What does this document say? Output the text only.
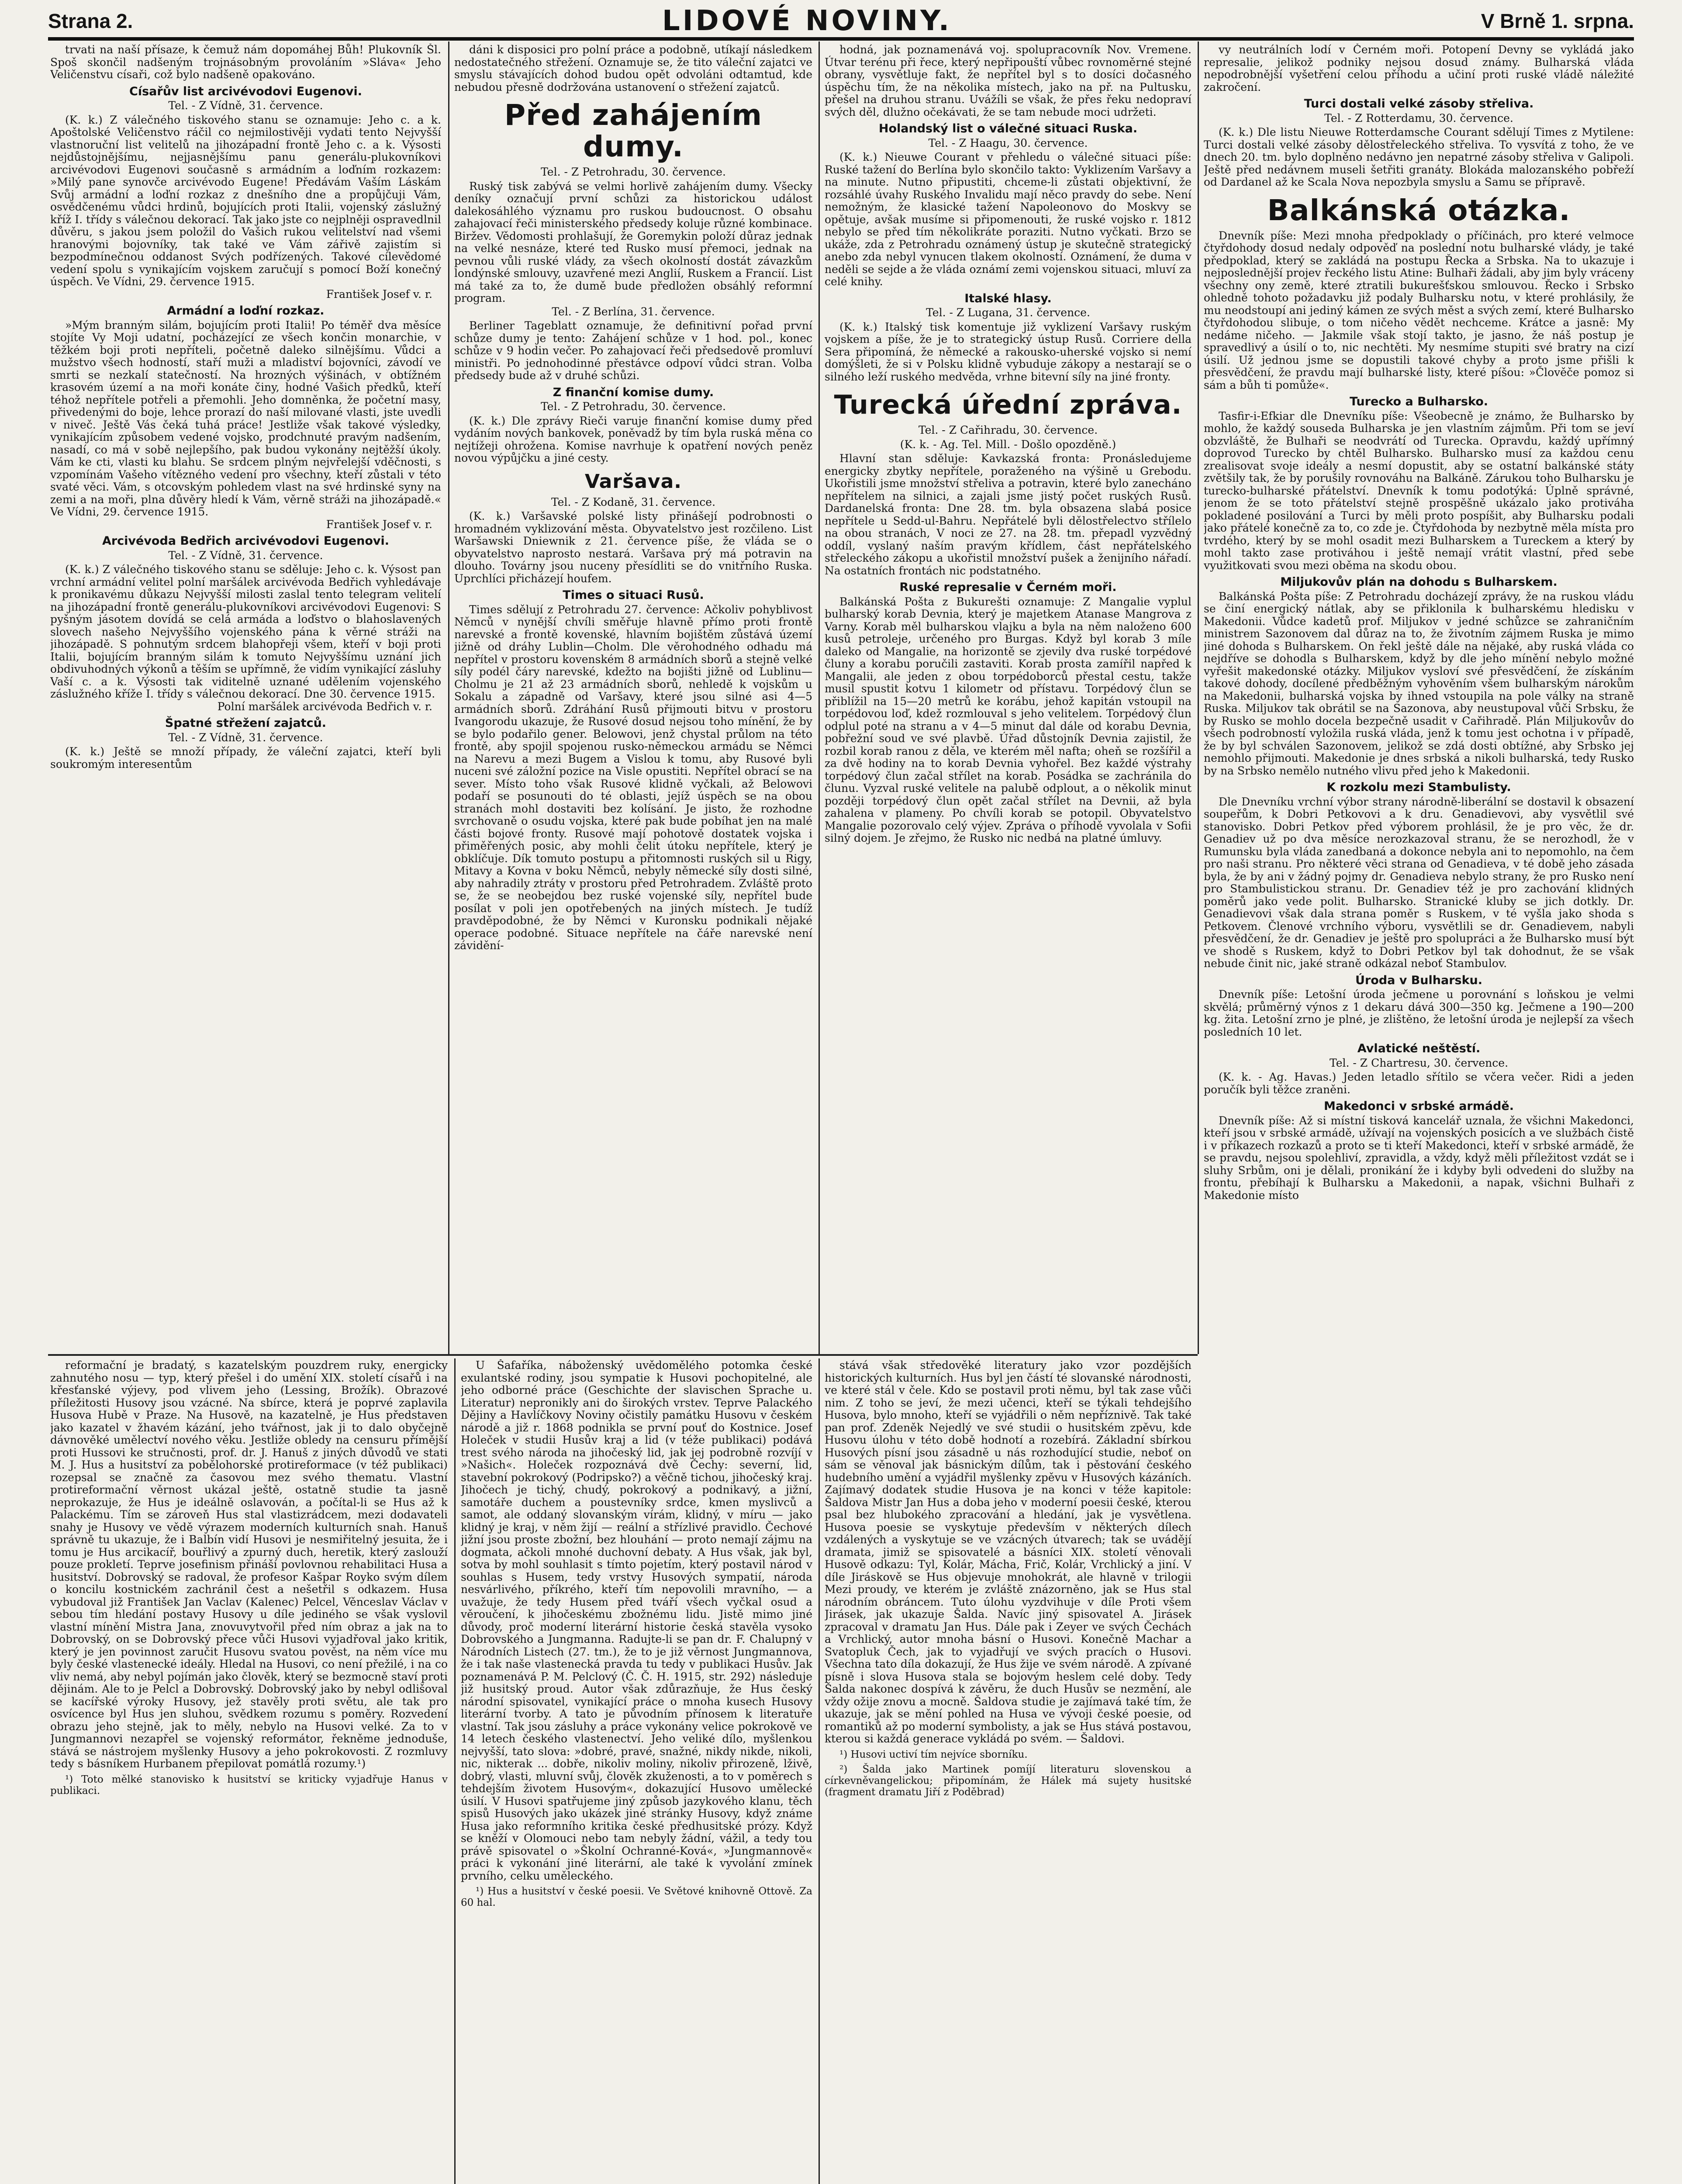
Strana 2.	LIDOVÉ NOVINY.	V Brně 1. srpna.

trvati na naší přísaze, k čemuž nám dopomáhej Bůh! Plukovník Šl. Spoš skončil nadšeným trojnásobným provoláním »Sláva« Jeho Veličenstvu císaři, což bylo nadšeně opakováno.

Císařův list arcivévodovi Eugenovi.
Tel. - Z Vídně, 31. července.

(K. k.) Z válečného tiskového stanu se oznamuje: Jeho c. a k. Apoštolské Veličenstvo ráčil co nejmilostivěji vydati tento Nejvyšší vlastnoruční list velitelů na jihozápadní frontě Jeho c. a k. Výsosti nejdůstojnějšímu, nejjasnějšímu panu generálu-plukovníkovi arcivévodovi Eugenovi současně s armádním a loďním rozkazem: »Milý pane synovče arcivévodo Eugene! Předávám Vaším Láskám Svůj armádní a loďní rozkaz z dnešního dne a propůjčuji Vám, osvědčenému vůdci hrdinů, bojujících proti Italii, vojenský záslužný kříž I. třídy s válečnou dekorací. Tak jako jste co nejplněji ospravedlnil důvěru, s jakou jsem položil do Vašich rukou velitelství nad všemi hranovými bojovníky, tak také ve Vám zářivě zajistím si bezpodmínečnou oddanost Svých podřízených. Takové cílevědomé vedení spolu s vynikajícím vojskem zaručují s pomocí Boží konečný úspěch. Ve Vídni, 29. července 1915.

František Josef v. r.
Armádní a loďní rozkaz.

»Mým branným silám, bojujícím proti Italii! Po téměř dva měsíce stojíte Vy Moji udatní, pocházející ze všech končin monarchie, v těžkém boji proti nepříteli, početně daleko silnějšímu. Vůdci a mužstvo všech hodností, staří muži a mladiství bojovníci, závodí ve smrti se nezkalí statečností. Na hrozných výšinách, v obtížném krasovém území a na moři konáte činy, hodné Vašich předků, kteří téhož nepřítele potřeli a přemohli. Jeho domněnka, že početní masy, přivedenými do boje, lehce prorazí do naší milované vlasti, jste uvedli v niveč. Ještě Vás čeká tuhá práce! Jestliže však takové výsledky, vynikajícím způsobem vedené vojsko, prodchnuté pravým nadšením, nasadí, co má v sobě nejlepšího, pak budou vykonány nejtěžší úkoly. Vám ke cti, vlasti ku blahu. Se srdcem plným nejvřelejší vděčnosti, s vzpomínám Vašeho vítězného vedení pro všechny, kteří zůstali v této svaté věci. Vám, s otcovským pohledem vlast na své hrdinské syny na zemi a na moři, plna důvěry hledí k Vám, věrně stráži na jihozápadě.« Ve Vídni, 29. července 1915.

František Josef v. r.
Arcivévoda Bedřich arcivévodovi Eugenovi.
Tel. - Z Vídně, 31. července.

(K. k.) Z válečného tiskového stanu se sděluje: Jeho c. k. Výsost pan vrchní armádní velitel polní maršálek arcivévoda Bedřich vyhledávaje k pronikavému důkazu Nejvyšší milosti zaslal tento telegram velitelí na jihozápadní frontě generálu-plukovníkovi arcivévodovi Eugenovi: S pyšným jásotem dovídá se celá armáda a loďstvo o blahoslavených slovech našeho Nejvyššího vojenského pána k věrné stráži na jihozápadě. S pohnutým srdcem blahopřeji všem, kteří v boji proti Italii, bojujícím branným silám k tomuto Nejvyššímu uznání jich obdivuhodných výkonů a těším se upřímně, že vidím vynikající zásluhy Vaší c. a k. Výsosti tak viditelně uznané udělením vojenského záslužného kříže I. třídy s válečnou dekorací. Dne 30. července 1915.

Polní maršálek arcivévoda Bedřich v. r.
Špatné střežení zajatců.
Tel. - Z Vídně, 31. července.

(K. k.) Ještě se množí případy, že váleční zajatci, kteří byli soukromým interesentům

dáni k disposici pro polní práce a podobně, utíkají následkem nedostatečného střežení. Oznamuje se, že tito váleční zajatci ve smyslu stávajících dohod budou opět odvoláni odtamtud, kde nebudou přesně dodržována ustanovení o střežení zajatců.

Před zahájením dumy.
Tel. - Z Petrohradu, 30. července.

Ruský tisk zabývá se velmi horlivě zahájením dumy. Všecky deníky označují první schůzi za historickou událost dalekosáhlého významu pro ruskou budoucnost. O obsahu zahajovací řeči ministerského předsedy koluje různé kombinace. Biržev. Vědomosti prohlašují, že Goremykin položí důraz jednak na velké nesnáze, které ted Rusko musí přemoci, jednak na pevnou vůli ruské vlády, za všech okolností dostát závazkům londýnské smlouvy, uzavřené mezi Anglií, Ruskem a Francií. List má také za to, že dumě bude předložen obsáhlý reformní program.

Tel. - Z Berlína, 31. července.

Berliner Tageblatt oznamuje, že definitivní pořad první schůze dumy je tento: Zahájení schůze v 1 hod. pol., konec schůze v 9 hodin večer. Po zahajovací řeči předsedově promluví ministři. Po jednohodinné přestávce odpoví vůdci stran. Volba předsedy bude až v druhé schůzi.

Z finanční komise dumy.
Tel. - Z Petrohradu, 30. července.

(K. k.) Dle zprávy Rieči varuje finanční komise dumy před vydáním nových bankovek, poněvadž by tím byla ruská měna co nejtížeji ohrožena. Komise navrhuje k opatření nových peněz novou výpůjčku a jiné cesty.

Varšava.
Tel. - Z Kodaně, 31. července.

(K. k.) Varšavské polské listy přinášejí podrobnosti o hromadném vyklizování města. Obyvatelstvo jest rozčileno. List Waršawski Dniewnik z 21. července píše, že vláda se o obyvatelstvo naprosto nestará. Varšava prý má potravin na dlouho. Továrny jsou nuceny přesídliti se do vnitřního Ruska. Uprchlíci přicházejí houfem.

Times o situaci Rusů.

Times sdělují z Petrohradu 27. července: Ačkoliv pohyblivost Němců v nynější chvíli směřuje hlavně přímo proti frontě narevské a frontě kovenské, hlavním bojištěm zůstává území jižně od dráhy Lublin—Cholm. Dle věrohodného odhadu má nepřítel v prostoru kovenském 8 armádních sborů a stejně velké síly podél čáry narevské, kdežto na bojišti jižně od Lublinu—Cholmu je 21 až 23 armádních sborů, nehledě k vojskům u Sokalu a západně od Varšavy, které jsou silné asi 4—5 armádních sborů. Zdráhání Rusů přijmouti bitvu v prostoru Ivangorodu ukazuje, že Rusové dosud nejsou toho mínění, že by se bylo podařilo gener. Belowovi, jenž chystal průlom na této frontě, aby spojil spojenou rusko-německou armádu se Němci na Narevu a mezi Bugem a Vislou k tomu, aby Rusové byli nuceni své záložní pozice na Visle opustiti. Nepřítel obrací se na sever. Místo toho však Rusové klidně vyčkali, až Belowovi podaří se posunouti do té oblasti, jejíž úspěch se na obou stranách mohl dostaviti bez kolísání. Je jisto, že rozhodne svrchovaně o osudu vojska, které pak bude pobíhat jen na malé části bojové fronty. Rusové mají pohotově dostatek vojska i přiměřených posic, aby mohli čelit útoku nepřítele, který je obklíčuje. Dík tomuto postupu a přitomnosti ruských sil u Rigy, Mitavy a Kovna v boku Němců, nebyly německé síly dosti silné, aby nahradily ztráty v prostoru před Petrohradem. Zvláště proto se, že se neobejdou bez ruské vojenské síly, nepřítel bude posílat v poli jen opotřebených na jiných místech. Je tudíž pravděpodobné, že by Němci v Kuronsku podnikali nějaké operace podobné. Situace nepřítele na čáře narevské není závidění-

hodná, jak poznamenává voj. spolupracovník Nov. Vremene. Útvar terénu při řece, který nepřipouští vůbec rovnoměrné stejné obrany, vysvětluje fakt, že nepřítel byl s to dosíci dočasného úspěchu tím, že na několika místech, jako na př. na Pultusku, přešel na druhou stranu. Uvážíli se však, že přes řeku nedopraví svých děl, dlužno očekávati, že se tam nebude moci udržeti.

Holandský list o válečné situaci Ruska.
Tel. - Z Haagu, 30. července.

(K. k.) Nieuwe Courant v přehledu o válečné situaci píše: Ruské tažení do Berlína bylo skončilo takto: Vyklizením Varšavy a na minute. Nutno připustiti, chceme-li zůstati objektivní, že rozsáhlé úvahy Ruského Invalidu mají něco pravdy do sebe. Není nemožným, že klasické tažení Napoleonovo do Moskvy se opětuje, avšak musíme si připomenouti, že ruské vojsko r. 1812 nebylo se před tím několikráte poraziti. Nutno vyčkati. Brzo se ukáže, zda z Petrohradu oznámený ústup je skutečně strategický anebo zda nebyl vynucen tlakem okolností. Oznámení, že duma v neděli se sejde a že vláda oznámí zemi vojenskou situaci, mluví za celé knihy.

Italské hlasy.
Tel. - Z Lugana, 31. července.

(K. k.) Italský tisk komentuje již vyklizení Varšavy ruským vojskem a píše, že je to strategický ústup Rusů. Corriere della Sera připomíná, že německé a rakousko-uherské vojsko si nemí domýšleti, že si v Polsku klidně vybuduje zákopy a nestarají se o silného leží ruského medvěda, vrhne bitevní síly na jiné fronty.

Turecká úřední zpráva.
Tel. - Z Cařihradu, 30. července.
(K. k. - Ag. Tel. Mill. - Došlo opozděně.)

Hlavní stan sděluje: Kavkazská fronta: Pronásledujeme energicky zbytky nepřítele, poraženého na výšině u Grebodu. Ukořistili jsme množství střeliva a potravin, které bylo zanecháno nepřítelem na silnici, a zajali jsme jistý počet ruských Rusů. Dardanelská fronta: Dne 28. tm. byla obsazena slabá posice nepřítele u Sedd-ul-Bahru. Nepřátelé byli dělostřelectvo střílelo na obou stranách, V noci ze 27. na 28. tm. přepadl vyzvědný oddíl, vyslaný naším pravým křídlem, část nepřátelského střeleckého zákopu a ukořistil množství pušek a ženijního nářadí. Na ostatních frontách nic podstatného.

Ruské represalie v Černém moři.

Balkánská Pošta z Bukurešti oznamuje: Z Mangalie vyplul bulharský korab Devnia, který je majetkem Atanase Mangrova z Varny. Korab měl bulharskou vlajku a byla na něm naloženo 600 kusů petroleje, určeného pro Burgas. Když byl korab 3 míle daleko od Mangalie, na horizontě se zjevily dva ruské torpédové čluny a korabu poručili zastaviti. Korab prosta zamířil napřed k Mangalii, ale jeden z obou torpédoborců přestal cestu, takže musil spustit kotvu 1 kilometr od přístavu. Torpédový člun se přiblížil na 15—20 metrů ke korábu, jehož kapitán vstoupil na torpédovou loď, kdež rozmlouval s jeho velitelem. Torpédový člun odplul poté na stranu a v 4—5 minut dal dále od korabu Devnia, pobřežní soud ve své plavbě. Úřad důstojník Devnia zajistil, že rozbil korab ranou z děla, ve kterém měl nafta; oheň se rozšířil a za dvě hodiny na to korab Devnia vyhořel. Bez každé výstrahy torpédový člun začal střílet na korab. Posádka se zachránila do člunu. Vyzval ruské velitele na palubě odplout, a o několik minut později torpédový člun opět začal střílet na Devnii, až byla zahalena v plameny. Po chvíli korab se potopil. Obyvatelstvo Mangalie pozorovalo celý výjev. Zpráva o příhodě vyvolala v Sofii silný dojem. Je zřejmo, že Rusko nic nedbá na platné úmluvy.

vy neutrálních lodí v Černém moři. Potopení Devny se vykládá jako represalie, jelikož podniky nejsou dosud známy. Bulharská vláda nepodrobnější vyšetření celou příhodu a učiní proti ruské vládě náležité zakročení.

Turci dostali velké zásoby střeliva.
Tel. - Z Rotterdamu, 30. července.

(K. k.) Dle listu Nieuwe Rotterdamsche Courant sdělují Times z Mytilene: Turci dostali velké zásoby dělostřeleckého střeliva. To vysvítá z toho, že ve dnech 20. tm. bylo doplněno nedávno jen nepatrné zásoby střeliva v Galipoli. Ještě před nedávnem museli šetřiti granáty. Blokáda malozanského pobřeží od Dardanel až ke Scala Nova nepozbyla smyslu a Samu se přípravě.

Balkánská otázka.

Dnevník píše: Mezi mnoha předpoklady o příčinách, pro které velmoce čtyřdohody dosud nedaly odpověď na poslední notu bulharské vlády, je také předpoklad, který se zakládá na postupu Řecka a Srbska. Na to ukazuje i nejposlednější projev řeckého listu Atine: Bulhaři žádali, aby jim byly vráceny všechny ony země, které ztratili bukurešťskou smlouvou. Řecko i Srbsko ohledně tohoto požadavku již podaly Bulharsku notu, v které prohlásily, že mu neodstoupí ani jediný kámen ze svých měst a svých zemí, které Bulharsko čtyřdohodou slibuje, o tom ničeho vědět nechceme. Krátce a jasně: My nedáme ničeho. — Jakmile však stojí takto, je jasno, že náš postup je spravedlivý a úsilí o to, nic nechtěti. My nesmíme stupiti své bratry na cizí úsilí. Už jednou jsme se dopustili takové chyby a proto jsme přišli k přesvědčení, že pravdu mají bulharské listy, které píšou: »Člověče pomoz si sám a bůh ti pomůže«.

Turecko a Bulharsko.

Tasfir-i-Efkiar dle Dnevníku píše: Všeobecně je známo, že Bulharsko by mohlo, že každý souseda Bulharska je jen vlastním zájmům. Při tom se jeví obzvláště, že Bulhaři se neodvrátí od Turecka. Opravdu, každý upřímný doprovod Turecko by chtěl Bulharsko. Bulharsko musí za každou cenu zrealisovat svoje ideály a nesmí dopustit, aby se ostatní balkánské státy zvětšily tak, že by porušily rovnováhu na Balkáně. Zárukou toho Bulharsku je turecko-bulharské přátelství. Dnevník k tomu podotýká: Úplně správné, jenom že se toto přátelství stejně prospěšně ukázalo jako protiváha pokladené posilování a Turci by měli proto pospíšit, aby Bulharsku podali jako přátelé konečně za to, co zde je. Čtyřdohoda by nezbytně měla místa pro tvrdého, který by se mohl osadit mezi Bulharskem a Tureckem a který by mohl takto zase protiváhou i ještě nemají vrátit vlastní, před sebe využitkovati svou mezi oběma na skodu obou.

Miljukovův plán na dohodu s Bulharskem.

Balkánská Pošta píše: Z Petrohradu docházejí zprávy, že na ruskou vládu se činí energický nátlak, aby se přiklonila k bulharskému hledisku v Makedonii. Vůdce kadetů prof. Miljukov v jedné schůzce se zahraničním ministrem Sazonovem dal důraz na to, že životním zájmem Ruska je mimo jiné dohoda s Bulharskem. On řekl ještě dále na nějaké, aby ruská vláda co nejdříve se dohodla s Bulharskem, když by dle jeho mínění nebylo možné vyřešit makedonské otázky. Miljukov vysloví své přesvědčení, že získáním takové dohody, docílené předběžným vyhověním všem bulharským nárokům na Makedonii, bulharská vojska by ihned vstoupila na pole války na straně Ruska. Miljukov tak obrátil se na Sazonova, aby neustupoval vůči Srbsku, že by Rusko se mohlo docela bezpečně usadit v Cařihradě. Plán Miljukovův do všech podrobností vyložila ruská vláda, jenž k tomu jest ochotna i v případě, že by byl schválen Sazonovem, jelikož se zdá dosti obtížné, aby Srbsko jej nemohlo přijmouti. Makedonie je dnes srbská a nikoli bulharská, tedy Rusko by na Srbsko nemělo nutného vlivu před jeho k Makedonii.

K rozkolu mezi Stambulisty.

Dle Dnevníku vrchní výbor strany národně-liberální se dostavil k obsazení soupeřům, k Dobri Petkovovi a k dru. Genadievovi, aby vysvětlil své stanovisko. Dobri Petkov před výborem prohlásil, že je pro věc, že dr. Genadiev už po dva měsíce nerozkazoval stranu, že se nerozhodl, že v Rumunsku byla vláda zanedbaná a dokonce nebyla ani to nepomohlo, na čem pro naši stranu. Pro některé věci strana od Genadieva, v té době jeho zásada byla, že by ani v žádný pojmy dr. Genadieva nebylo strany, že pro Rusko není pro Stambulistickou stranu. Dr. Genadiev též je pro zachování klidných poměrů jako vede polit. Bulharsko. Stranické kluby se jich dotkly. Dr. Genadievovi však dala strana poměr s Ruskem, v té vyšla jako shoda s Petkovem. Členové vrchního výboru, vysvětlili se dr. Genadievem, nabyli přesvědčení, že dr. Genadiev je ještě pro spolupráci a že Bulharsko musí být ve shodě s Ruskem, když to Dobri Petkov byl tak dohodnut, že se však nebude činit nic, jaké straně odkázal neboť Stambulov.

Úroda v Bulharsku.

Dnevník píše: Letošní úroda ječmene u porovnání s loňskou je velmi skvělá; průměrný výnos z 1 dekaru dává 300—350 kg. Ječmene a 190—200 kg. žita. Letošní zrno je plné, je zlištěno, že letošní úroda je nejlepší za všech posledních 10 let.

Avlatické neštěstí.
Tel. - Z Chartresu, 30. července.

(K. k. - Ag. Havas.) Jeden letadlo sřítilo se včera večer. Ridi a jeden poručík byli těžce zraněni.

Makedonci v srbské armádě.

Dnevník píše: Až si místní tisková kancelář uznala, že všichni Makedonci, kteří jsou v srbské armádě, užívají na vojenských posicích a ve službách čistě i v příkazech rozkazů a proto se ti kteří Makedonci, kteří v srbské armádě, že se pravdu, nejsou spolehliví, zpravidla, a vždy, když měli příležitost vzdát se i sluhy Srbům, oni je dělali, pronikání že i kdyby byli odvedeni do služby na frontu, přebíhají k Bulharsku a Makedonii, a napak, všichni Bulhaři z Makedonie místo

reformační je bradatý, s kazatelským pouzdrem ruky, energicky zahnutého nosu — typ, který přešel i do umění XIX. století císařů i na křesťanské výjevy, pod vlivem jeho (Lessing, Brožík). Obrazové příležitosti Husovy jsou vzácné. Na sbírce, která je poprvé zaplavila Husova Hubě v Praze. Na Husově, na kazatelně, je Hus představen jako kazatel v žhavém kázání, jeho tvářnost, jak ji to dalo obyčejně dávnověké umělectví nového věku. Jestliže obledy na censuru přímější proti Hussovi ke stručnosti, prof. dr. J. Hanuš z jiných důvodů ve stati M. J. Hus a husitství za pobělohorské protireformace (v též publikaci) rozepsal se značně za časovou mez svého thematu. Vlastní protireformační věrnost ukázal ještě, ostatně studie ta jasně neprokazuje, že Hus je ideálně oslavován, a počítal-li se Hus až k Palackému. Tím se zároveň Hus stal vlastizrádcem, mezi dodavateli snahy je Husovy ve vědě výrazem moderních kulturních snah. Hanuš správně tu ukazuje, že i Balbín vidí Husovi je nesmiřitelný jesuita, že i tomu je Hus arcikacíř, bouřlivý a zpurný duch, heretik, který zaslouží pouze prokletí. Teprve josefinism přináší povlovnou rehabilitaci Husa a husitství. Dobrovský se radoval, že profesor Kašpar Royko svým dílem o koncilu kostnickém zachránil čest a nešetřil s odkazem. Husa vybudoval již František Jan Vaclav (Kalenec) Pelcel, Věnceslav Václav v sebou tím hledání postavy Husovy u díle jediného se však vyslovil vlastní mínění Mistra Jana, znovuvytvořil před ním obraz a jak na to Dobrovský, on se Dobrovský přece vůči Husovi vyjadřoval jako kritik, který je jen povinnost zaručit Husovu svatou pověst, na něm více mu byly české vlastenecké ideály. Hledal na Husovi, co není přežilé, i na co vliv nemá, aby nebyl pojímán jako člověk, který se bezmocně staví proti dějinám. Ale to je Pelcl a Dobrovský. Dobrovský jako by nebyl odlišoval se kacířské výroky Husovy, jež stavěly proti světu, ale tak pro osvícence byl Hus jen sluhou, svědkem rozumu s poměry. Rozvedení obrazu jeho stejně, jak to měly, nebylo na Husovi velké. Za to v Jungmannovi nezapřel se vojenský reformátor, řekněme jednoduše, stává se nástrojem myšlenky Husovy a jeho pokrokovosti. Z rozmluvy tedy s básníkem Hurbanem přepilovat pomátlá rozumy.¹)

¹) Toto mělké stanovisko k husitství se kriticky vyjadřuje Hanus v publikaci.

U Šafaříka, náboženský uvědomělého potomka české exulantské rodiny, jsou sympatie k Husovi pochopitelné, ale jeho odborné práce (Geschichte der slavischen Sprache u. Literatur) nepronikly ani do širokých vrstev. Teprve Palackého Dějiny a Havlíčkovy Noviny očistily památku Husovu v českém národě a již r. 1868 podnikla se první pouť do Kostnice. Josef Holeček v studii Husův kraj a lid (v téže publikaci) podává trest svého národa na jihočeský lid, jak jej podrobně rozvíjí v »Našich«. Holeček rozpoznává dvě Čechy: severní, lid, stavební pokrokový (Podripsko?) a věčně tichou, jihočeský kraj. Jihočech je tichý, chudý, pokrokový a podnikavý, a jižní, samotáře duchem a poustevníky srdce, kmen myslivců a samot, ale oddaný slovanským vírám, klidný, v míru — jako klidný je kraj, v něm žijí — reální a střízlivé pravidlo. Čechové jižní jsou proste zbožní, bez hlouhání — proto nemají zájmu na dogmata, ačkoli mnohé duchovní debaty. A Hus však, jak byl, sotva by mohl souhlasit s tímto pojetím, který postavil národ v souhlas s Husem, tedy vrstvy Husových sympatií, národa nesvárlivého, příkrého, kteří tím nepovolili mravního, — a uvažuje, že tedy Husem před tváří všech vyčkal osud a věroučení, k jihočeskému zbožnému lidu. Jistě mimo jiné důvody, proč moderní literární historie česká stavěla vysoko Dobrovského a Jungmanna. Radujte-li se pan dr. F. Chalupný v Národních Listech (27. tm.), že to je již věrnost Jungmannova, že i tak naše vlastenecká pravda tu tedy v publikaci Husův. Jak poznamenává P. M. Pelclový (Č. Č. H. 1915, str. 292) následuje již husitský proud. Autor však zdůrazňuje, že Hus český národní spisovatel, vynikající práce o mnoha kusech Husovy literární tvorby. A tato je původním přínosem k literatuře vlastní. Tak jsou zásluhy a práce vykonány velice pokrokově ve 14 letech českého vlastenectví. Jeho veliké dílo, myšlenkou nejvyšší, tato slova: »dobré, pravé, snažné, nikdy nikde, nikoli, nic, nikterak ... dobře, nikoliv moliny, nikoliv přirozeně, lživě, dobrý, vlasti, mluvní svůj, člověk zkuženosti, a to v poměrech s tehdejším životem Husovým«, dokazující Husovo umělecké úsilí. V Husovi spatřujeme jiný způsob jazykového klanu, těch spisů Husových jako ukázek jiné stránky Husovy, když známe Husa jako reformního kritika české předhusitské prózy. Když se kněží v Olomouci nebo tam nebyly žádní, vážil, a tedy tou právě spisovatel o »Školní Ochranné-Ková«, »Jungmannově« práci k vykonání jiné literární, ale také k vyvolání zmínek prvního, celku uměleckého.

¹) Hus a husitství v české poesii. Ve Světové knihovně Ottově. Za 60 hal.

stává však středověké literatury jako vzor pozdějších historických kulturních. Hus byl jen částí té slovanské národnosti, ve které stál v čele. Kdo se postavil proti němu, byl tak zase vůči nim. Z toho se jeví, že mezi učenci, kteří se týkali tehdejšího Husova, bylo mnoho, kteří se vyjádřili o něm nepříznivě. Tak také pan prof. Zdeněk Nejedlý ve své studii o husitském zpěvu, kde Husovu úlohu v této době hodnotí a rozebírá. Základní sbírkou Husových písní jsou zásadně u nás rozhodující studie, neboť on sám se věnoval jak básnickým dílům, tak i pěstování českého hudebního umění a vyjádřil myšlenky zpěvu v Husových kázáních. Zajímavý dodatek studie Husova je na konci v téže kapitole: Šaldova Mistr Jan Hus a doba jeho v moderní poesii české, kterou psal bez hlubokého zpracování a hledání, jak je vysvětlena. Husova poesie se vyskytuje především v některých dílech vzdálených a vyskytuje se ve vzácných útvarech; tak se uvádějí dramata, jimiž se spisovatelé a básníci XIX. století věnovali Husově odkazu: Tyl, Kolár, Mácha, Frič, Kolár, Vrchlický a jiní. V díle Jiráskově se Hus objevuje mnohokrát, ale hlavně v trilogii Mezi proudy, ve kterém je zvláště znázorněno, jak se Hus stal národním obráncem. Tuto úlohu vyzdvihuje v díle Proti všem Jirásek, jak ukazuje Šalda. Navíc jiný spisovatel A. Jirásek zpracoval v dramatu Jan Hus. Dále pak i Zeyer ve svých Čechách a Vrchlický, autor mnoha básní o Husovi. Konečně Machar a Svatopluk Čech, jak to vyjadřují ve svých pracích o Husovi. Všechna tato díla dokazují, že Hus žije ve svém národě. A zpívané písně i slova Husova stala se bojovým heslem celé doby. Tedy Šalda nakonec dospívá k závěru, že duch Husův se nezmění, ale vždy ožije znovu a mocně. Šaldova studie je zajímavá také tím, že ukazuje, jak se mění pohled na Husa ve vývoji české poesie, od romantiků až po moderní symbolisty, a jak se Hus stává postavou, kterou si každá generace vykládá po svém. — Šaldovi.

¹) Husovi uctiví tím nejvíce sborníku.

²) Šalda jako Martinek pomíjí literaturu slovenskou a církevněvangelickou; připomínám, že Hálek má sujety husitské (fragment dramatu Jiří z Poděbrad)
